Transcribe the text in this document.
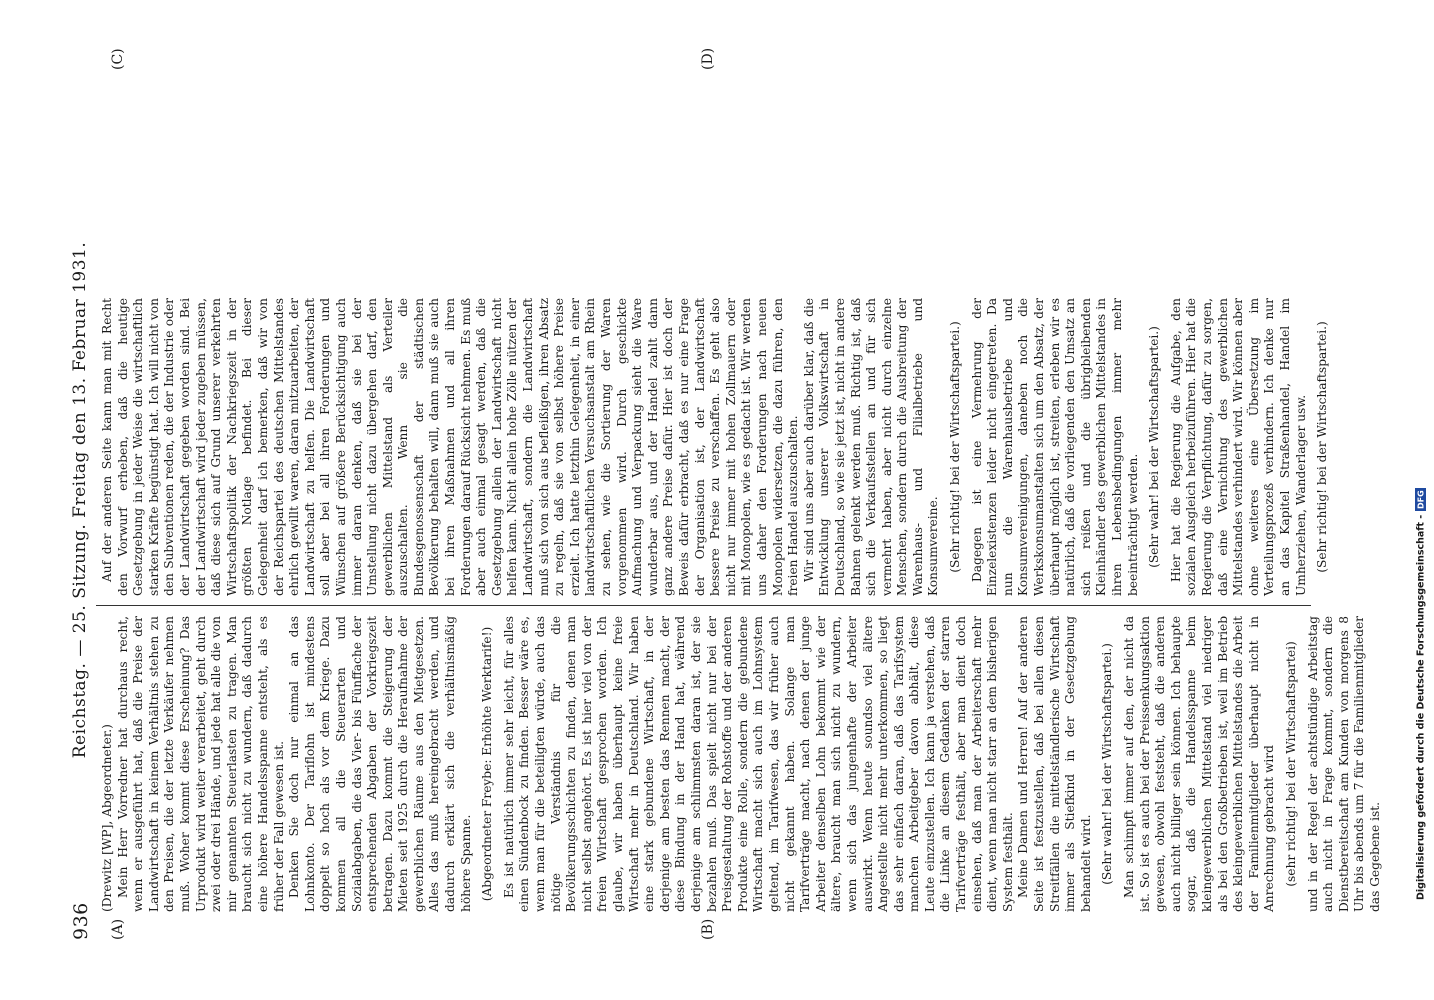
936
Reichstag. — 25. Sitzung. Freitag den 13. Februar 1931.
(A)	(B)
(C)	(D)

(Drewitz [WP], Abgeordneter.) Mein Herr Vorredner hat durchaus recht, wenn er ausgeführt hat, daß die Preise der Landwirtschaft in keinem Verhältnis stehen zu den Preisen, die der letzte Verkäufer nehmen muß. Woher kommt diese Erscheinung? Das Urprodukt wird weiter verarbeitet, geht durch zwei oder drei Hände, und jede hat alle die von mir genannten Steuerlasten zu tragen. Man braucht sich nicht zu wundern, daß dadurch eine höhere Handelsspanne entsteht, als es früher der Fall gewesen ist. Denken Sie doch nur einmal an das Lohnkonto. Der Tariflohn ist mindestens doppelt so hoch als vor dem Kriege. Dazu kommen all die Steuerarten und Sozialabgaben, die das Vier- bis Fünffache der entsprechenden Abgaben der Vorkriegszeit betragen. Dazu kommt die Steigerung der Mieten seit 1925 durch die Heraufnahme der gewerblichen Räume aus den Mietgesetzen. Alles das muß hereingebracht werden, und dadurch erklärt sich die verhältnismäßig höhere Spanne. (Abgeordneter Freybe: Erhöhte Werktarife!) Es ist natürlich immer sehr leicht, für alles einen Sündenbock zu finden. Besser wäre es, wenn man für die beteiligten würde, auch das nötige Verständnis für die Bevölkerungsschichten zu finden, denen man nicht selbst angehört. Es ist hier viel von der freien Wirtschaft gesprochen worden. Ich glaube, wir haben überhaupt keine freie Wirtschaft mehr in Deutschland. Wir haben eine stark gebundene Wirtschaft, in der derjenige am besten das Rennen macht, der diese Bindung in der Hand hat, während derjenige am schlimmsten daran ist, der sie bezahlen muß. Das spielt nicht nur bei der Preisgestaltung der Rohstoffe und der anderen Produkte eine Rolle, sondern die gebundene Wirtschaft macht sich auch im Lohnsystem geltend, im Tarifwesen, das wir früher auch nicht gekannt haben. Solange man Tarifverträge macht, nach denen der junge Arbeiter denselben Lohn bekommt wie der ältere, braucht man sich nicht zu wundern, wenn sich das jungenhafte der Arbeiter auswirkt. Wenn heute soundso viel ältere Angestellte nicht mehr unterkommen, so liegt das sehr einfach daran, daß das Tarifsystem manchen Arbeitgeber davon abhält, diese Leute einzustellen. Ich kann ja verstehen, daß die Linke an diesem Gedanken der starren Tarifverträge festhält, aber man dient doch einsehen, daß man der Arbeiterschaft mehr dient, wenn man nicht starr an dem bisherigen System festhält. Meine Damen und Herren! Auf der anderen Seite ist festzustellen, daß bei allen diesen Streitfällen die mittelständlerische Wirtschaft immer als Stiefkind in der Gesetzgebung behandelt wird. (Sehr wahr! bei der Wirtschaftspartei.) Man schimpft immer auf den, der nicht da ist. So ist es auch bei der Preissenkungsaktion gewesen, obwohl feststeht, daß die anderen auch nicht billiger sein können. Ich behaupte sogar, daß die Handelsspanne beim kleingewerblichen Mittelstand viel niedriger als bei den Großbetrieben ist, weil im Betrieb des kleingewerblichen Mittelstandes die Arbeit der Familienmitglieder überhaupt nicht in Anrechnung gebracht wird (sehr richtig! bei der Wirtschaftspartei) und in der Regel der achtstündige Arbeitstag auch nicht in Frage kommt, sondern die Dienstbereitschaft am Kunden von morgens 8 Uhr bis abends um 7 für die Familienmitglieder das Gegebene ist.

Auf der anderen Seite kann man mit Recht den Vorwurf erheben, daß die heutige Gesetzgebung in jeder Weise die wirtschaftlich starken Kräfte begünstigt hat. Ich will nicht von den Subventionen reden, die der Industrie oder der Landwirtschaft gegeben worden sind. Bei der Landwirtschaft wird jeder zugeben müssen, daß diese sich auf Grund unserer verkehrten Wirtschaftspolitik der Nachkriegszeit in der größten Notlage befindet. Bei dieser Gelegenheit darf ich bemerken, daß wir von der Reichspartei des deutschen Mittelstandes ehrlich gewillt waren, daran mitzuarbeiten, der Landwirtschaft zu helfen. Die Landwirtschaft soll aber bei all ihren Forderungen und Wünschen auf größere Berücksichtigung auch immer daran denken, daß sie bei der Umstellung nicht dazu übergehen darf, den gewerblichen Mittelstand als Verteiler auszuschalten. Wenn sie die Bundesgenossenschaft der städtischen Bevölkerung behalten will, dann muß sie auch bei ihren Maßnahmen und all ihren Forderungen darauf Rücksicht nehmen. Es muß aber auch einmal gesagt werden, daß die Gesetzgebung allein der Landwirtschaft nicht helfen kann. Nicht allein hohe Zölle nützen der Landwirtschaft, sondern die Landwirtschaft muß sich von sich aus befleißigen, ihren Absatz zu regeln, daß sie von selbst höhere Preise erzielt. Ich hatte letzthin Gelegenheit, in einer landwirtschaftlichen Versuchsanstalt am Rhein zu sehen, wie die Sortierung der Waren vorgenommen wird. Durch geschickte Aufmachung und Verpackung sieht die Ware wunderbar aus, und der Handel zahlt dann ganz andere Preise dafür. Hier ist doch der Beweis dafür erbracht, daß es nur eine Frage der Organisation ist, der Landwirtschaft bessere Preise zu verschaffen. Es geht also nicht nur immer mit hohen Zollmauern oder mit Monopolen, wie es gedacht ist. Wir werden uns daher den Forderungen nach neuen Monopolen widersetzen, die dazu führen, den freien Handel auszuschalten. Wir sind uns aber auch darüber klar, daß die Entwicklung unserer Volkswirtschaft in Deutschland, so wie sie jetzt ist, nicht in andere Bahnen gelenkt werden muß. Richtig ist, daß sich die Verkaufsstellen an und für sich vermehrt haben, aber nicht durch einzelne Menschen, sondern durch die Ausbreitung der Warenhaus- und Filialbetriebe und Konsumvereine. (Sehr richtig! bei der Wirtschaftspartei.) Dagegen ist eine Vermehrung der Einzelexistenzen leider nicht eingetreten. Da nun die Warenhausbetriebe und Konsumvereinigungen, daneben noch die Werkskonsumanstalten sich um den Absatz, der überhaupt möglich ist, streiten, erleben wir es natürlich, daß die vorliegenden den Umsatz an sich reißen und die übrigbleibenden Kleinhändler des gewerblichen Mittelstandes in ihren Lebensbedingungen immer mehr beeinträchtigt werden. (Sehr wahr! bei der Wirtschaftspartei.) Hier hat die Regierung die Aufgabe, den sozialen Ausgleich herbeizuführen. Hier hat die Regierung die Verpflichtung, dafür zu sorgen, daß eine Vernichtung des gewerblichen Mittelstandes verhindert wird. Wir können aber ohne weiteres eine Übersetzung im Verteilungsprozeß verhindern. Ich denke nur an das Kapitel Straßenhandel, Handel im Umherziehen, Wanderlager usw. (Sehr richtig! bei der Wirtschaftspartei.)

Digitalisierung gefördert durch die Deutsche Forschungsgemeinschaft -
DFG
